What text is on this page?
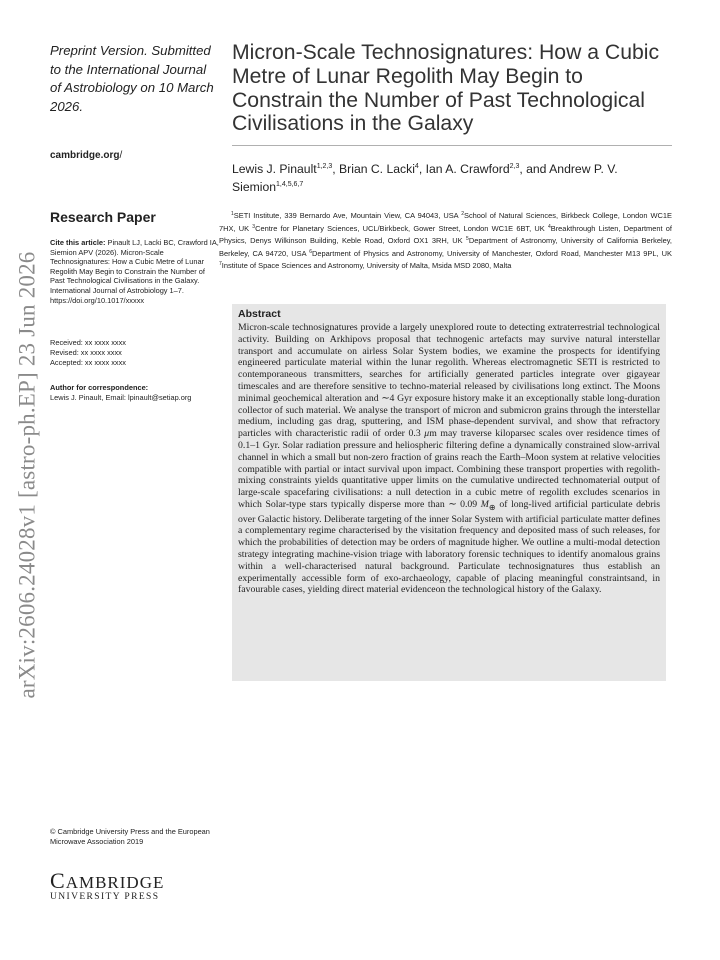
arXiv:2606.24028v1 [astro-ph.EP] 23 Jun 2026
Preprint Version. Submitted to the International Journal of Astrobiology on 10 March 2026.
cambridge.org/
Research Paper
Cite this article: Pinault LJ, Lacki BC, Crawford IA, Siemion APV (2026). Micron-Scale Technosignatures: How a Cubic Metre of Lunar Regolith May Begin to Constrain the Number of Past Technological Civilisations in the Galaxy. International Journal of Astrobiology 1–7. https://doi.org/10.1017/xxxxx
Received: xx xxxx xxxx
Revised: xx xxxx xxxx
Accepted: xx xxxx xxxx
Author for correspondence:
Lewis J. Pinault, Email: lpinault@setiap.org
© Cambridge University Press and the European Microwave Association 2019
CAMBRIDGE
UNIVERSITY PRESS
Micron-Scale Technosignatures: How a Cubic Metre of Lunar Regolith May Begin to Constrain the Number of Past Technological Civilisations in the Galaxy
Lewis J. Pinault$^{1,2,3}$, Brian C. Lacki$^4$, Ian A. Crawford$^{2,3}$, and Andrew P. V. Siemion$^{1,4,5,6,7}$
$^1$SETI Institute, 339 Bernardo Ave, Mountain View, CA 94043, USA $^2$School of Natural Sciences, Birkbeck College, London WC1E 7HX, UK $^3$Centre for Planetary Sciences, UCL/Birkbeck, Gower Street, London WC1E 6BT, UK $^4$Breakthrough Listen, Department of Physics, Denys Wilkinson Building, Keble Road, Oxford OX1 3RH, UK $^5$Department of Astronomy, University of California Berkeley, Berkeley, CA 94720, USA $^6$Department of Physics and Astronomy, University of Manchester, Oxford Road, Manchester M13 9PL, UK $^7$Institute of Space Sciences and Astronomy, University of Malta, Msida MSD 2080, Malta
Abstract
Micron-scale technosignatures provide a largely unexplored route to detecting extraterrestrial technological activity. Building on Arkhipovs proposal that technogenic artefacts may survive natural interstellar transport and accumulate on airless Solar System bodies, we examine the prospects for identifying engineered particulate material within the lunar regolith. Whereas electromagnetic SETI is restricted to contemporaneous transmitters, searches for artificially generated particles integrate over gigayear timescales and are therefore sensitive to techno-material released by civilisations long extinct. The Moons minimal geochemical alteration and ∼4 Gyr exposure history make it an exceptionally stable long-duration collector of such material. We analyse the transport of micron and submicron grains through the interstellar medium, including gas drag, sputtering, and ISM phase-dependent survival, and show that refractory particles with characteristic radii of order 0.3 μm may traverse kiloparsec scales over residence times of 0.1–1 Gyr. Solar radiation pressure and heliospheric filtering define a dynamically constrained slow-arrival channel in which a small but non-zero fraction of grains reach the Earth–Moon system at relative velocities compatible with partial or intact survival upon impact. Combining these transport properties with regolith-mixing constraints yields quantitative upper limits on the cumulative undirected technomaterial output of large-scale spacefaring civilisations: a null detection in a cubic metre of regolith excludes scenarios in which Solar-type stars typically disperse more than ∼ 0.09 $M_\oplus$ of long-lived artificial particulate debris over Galactic history. Deliberate targeting of the inner Solar System with artificial particulate matter defines a complementary regime characterised by the visitation frequency and deposited mass of such releases, for which the probabilities of detection may be orders of magnitude higher. We outline a multi-modal detection strategy integrating machine-vision triage with laboratory forensic techniques to identify anomalous grains within a well-characterised natural background. Particulate technosignatures thus establish an experimentally accessible form of exo-archaeology, capable of placing meaningful constraintsand, in favourable cases, yielding direct material evidenceon the technological history of the Galaxy.
